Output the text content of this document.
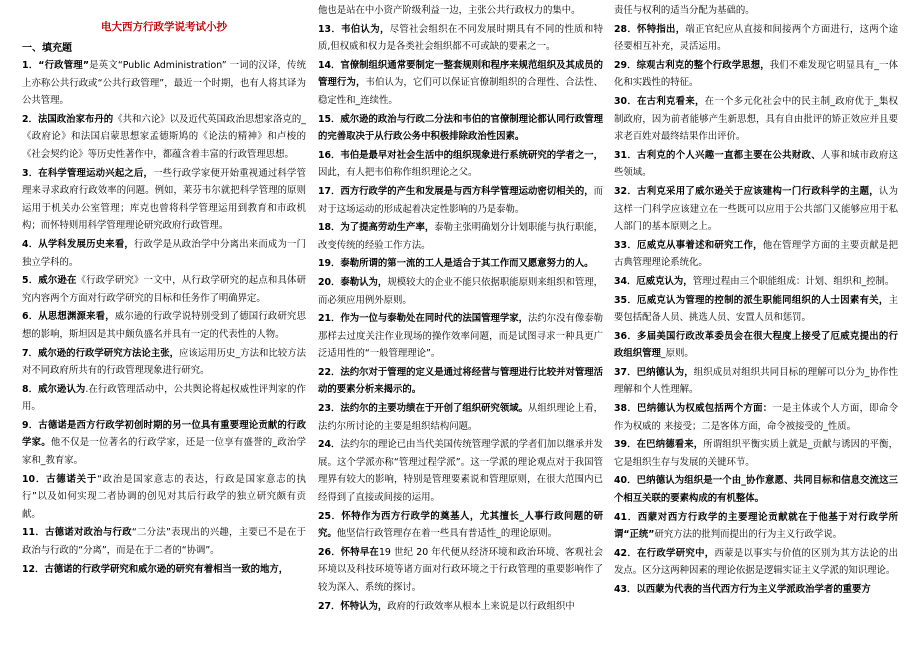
电大西方行政学说考试小抄
一、填充题
1．“行政管理”是英文“Public Administration” 一词的汉译，传统上亦称公共行政或“公共行政管理”，最近一个时期，也有人将其译为公共管理。
2．法国政治家布丹的《共和六论》以及近代英国政治思想家洛克的_《政府论》和法国启蒙思想家孟德斯鸠的《论法的精神》和卢梭的《社会契约论》等历史性著作中，都蕴含着丰富的行政管理思想。
3．在科学管理运动兴起之后，一些行政学家便开始重视通过科学管理来寻求政府行政效率的问题。例如，莱芬韦尔就把科学管理的原则运用于机关办公室管理；库克也曾将科学管理运用到教育和市政机构；而怀特则用科学管理理论研究政府行政管理。
4．从学科发展历史来看，行政学是从政治学中分离出来而成为一门独立学科的。
5．威尔逊在《行政学研究》一文中，从行政学研究的起点和具体研究内容两个方面对行政学研究的目标和任务作了明确界定。
6．从思想渊源来看，威尔逊的行政学说特别受到了德国行政研究思想的影响，斯坦因是其中颇负盛名并具有一定的代表性的人物。
7．威尔逊的行政学研究方法论主张，应该运用历史_方法和比较方法对不同政府所共有的行政管理现象进行研究。
8．威尔逊认为.在行政管理活动中，公共舆论将起权威性评判家的作用。
9．古德诺是西方行政学初创时期的另一位具有重要理论贡献的行政学家。他不仅是一位著名的行政学家，还是一位享有盛誉的_政治学家和_教育家。
10．古德诺关于“政治是国家意志的表达，行政是国家意志的执行”以及如何实现二者协调的创见对其后行政学的独立研究颇有贡献。
11．古德诺对政治与行政“二分法”表现出的兴趣，主要已不是在于政治与行政的“分离”，而是在于二者的“协调”。
12．古德诺的行政学研究和威尔逊的研究有着相当一致的地方，
他也是站在中小资产阶级利益一边，主张公共行政权力的集中。
13．韦伯认为，尽管社会组织在不同发展时期具有不同的性质和特质,但权威和权力是各类社会组织都不可或缺的要素之一。
14．官僚制组织通常要制定一整套规则和程序来规范组织及其成员的管理行为，韦伯认为，它们可以保证官僚制组织的合理性、合法性、稳定性和_连续性。
15．威尔逊的政治与行政二分法和韦伯的官僚制理论都认同行政管理的完善取决于从行政公务中积极排除政治性因素。
16．韦伯是最早对社会生活中的组织现象进行系统研究的学者之一，因此，有人把韦伯称作组织理论之父。
17．西方行政学的产生和发展是与西方科学管理运动密切相关的，而对于这场运动的形成起着决定性影响的乃是泰勒。
18．为了提高劳动生产率，泰勒主张明确划分计划职能与执行职能，改变传统的经验工作方法。
19．泰勒所谓的第一流的工人是适合于其工作而又愿意努力的人。
20．泰勒认为，规模较大的企业不能只依据职能原则来组织和管理，而必须应用例外原则。
21．作为一位与泰勒处在同时代的法国管理学家，法约尔没有像泰勒那样去过度关注作业现场的操作效率问题，而是试图寻求一种具更广泛适用性的“一般管理理论”。
22．法约尔对于管理的定义是通过将经营与管理进行比较并对管理活动的要素分析来揭示的。
23．法约尔的主要功绩在于开创了组织研究领域。从组织理论上看，法约尔所讨论的主要是组织结构问题。
24．法约尔的理论已由当代美国传统管理学派的学者们加以继承并发展。这个学派亦称“管理过程学派”。这一学派的理论观点对于我国管理界有较大的影响，特别是管理要素说和管理原则，在很大范围内已经得到了直接或间接的运用。
25．怀特作为西方行政学的奠基人，尤其擅长_人事行政问题的研究。他坚信行政管理存在着一些具有普适性_的理论原则。
26．怀特早在19 世纪 20 年代便从经济环境和政治环境、客观社会环境以及科技环境等诸方面对行政环境之于行政管理的重要影响作了较为深入、系统的探讨。
27．怀特认为，政府的行政效率从根本上来说是以行政组织中
责任与权利的适当分配为基础的。
28．怀特指出，端正官纪应从直接和间接两个方面进行，这两个途径要相互补充，灵活运用。
29．综观古利克的整个行政学思想，我们不难发现它明显具有_一体化和实践性的特征。
30．在古利克看来，在一个多元化社会中的民主制_政府优于_集权制政府，因为前者能够产生新思想，具有自由批评的矫正效应并且要求老百姓对最终结果作出评价。
31．古利克的个人兴趣一直都主要在公共财政、人事和城市政府这些领域。
32．古利克采用了威尔逊关于应该建构一门行政科学的主题，认为这样一门科学应该建立在一些既可以应用于公共部门又能够应用于私人部门的基本原则之上。
33．厄威克从事着述和研究工作，他在管理学方面的主要贡献是把古典管理理论系统化。
34．厄威克认为，管理过程由三个职能组成：计划、组织和_控制。
35．厄威克认为管理的控制的派生职能同组织的人士因素有关，主要包括配备人员、挑选人员、安置人员和惩罚。
36．多届美国行政改革委员会在很大程度上接受了厄威克提出的行政组织管理_原则。
37．巴纳德认为，组织成员对组织共同目标的理解可以分为_协作性理解和个人性理解。
38．巴纳德认为权威包括两个方面：一是主体或个人方面，即命令作为权威的 来接受；二是客体方面，命令被接受的_性质。
39．在巴纳德看来，所谓组织平衡实质上就是_贡献与诱因的平衡，它是组织生存与发展的关键环节。
40．巴纳德认为组织是一个由_协作意愿、共同目标和信息交流这三个相互关联的要素构成的有机整体。
41．西蒙对西方行政学的主要理论贡献就在于他基于对行政学所谓“正统”研究方法的批判而提出的行为主义行政学说。
42．在行政学研究中，西蒙是以事实与价值的区别为其方法论的出发点。区分这两种因素的理论依据是逻辑实证主义学派的知识理论。
43．以西蒙为代表的当代西方行为主义学派政治学者的重要方
